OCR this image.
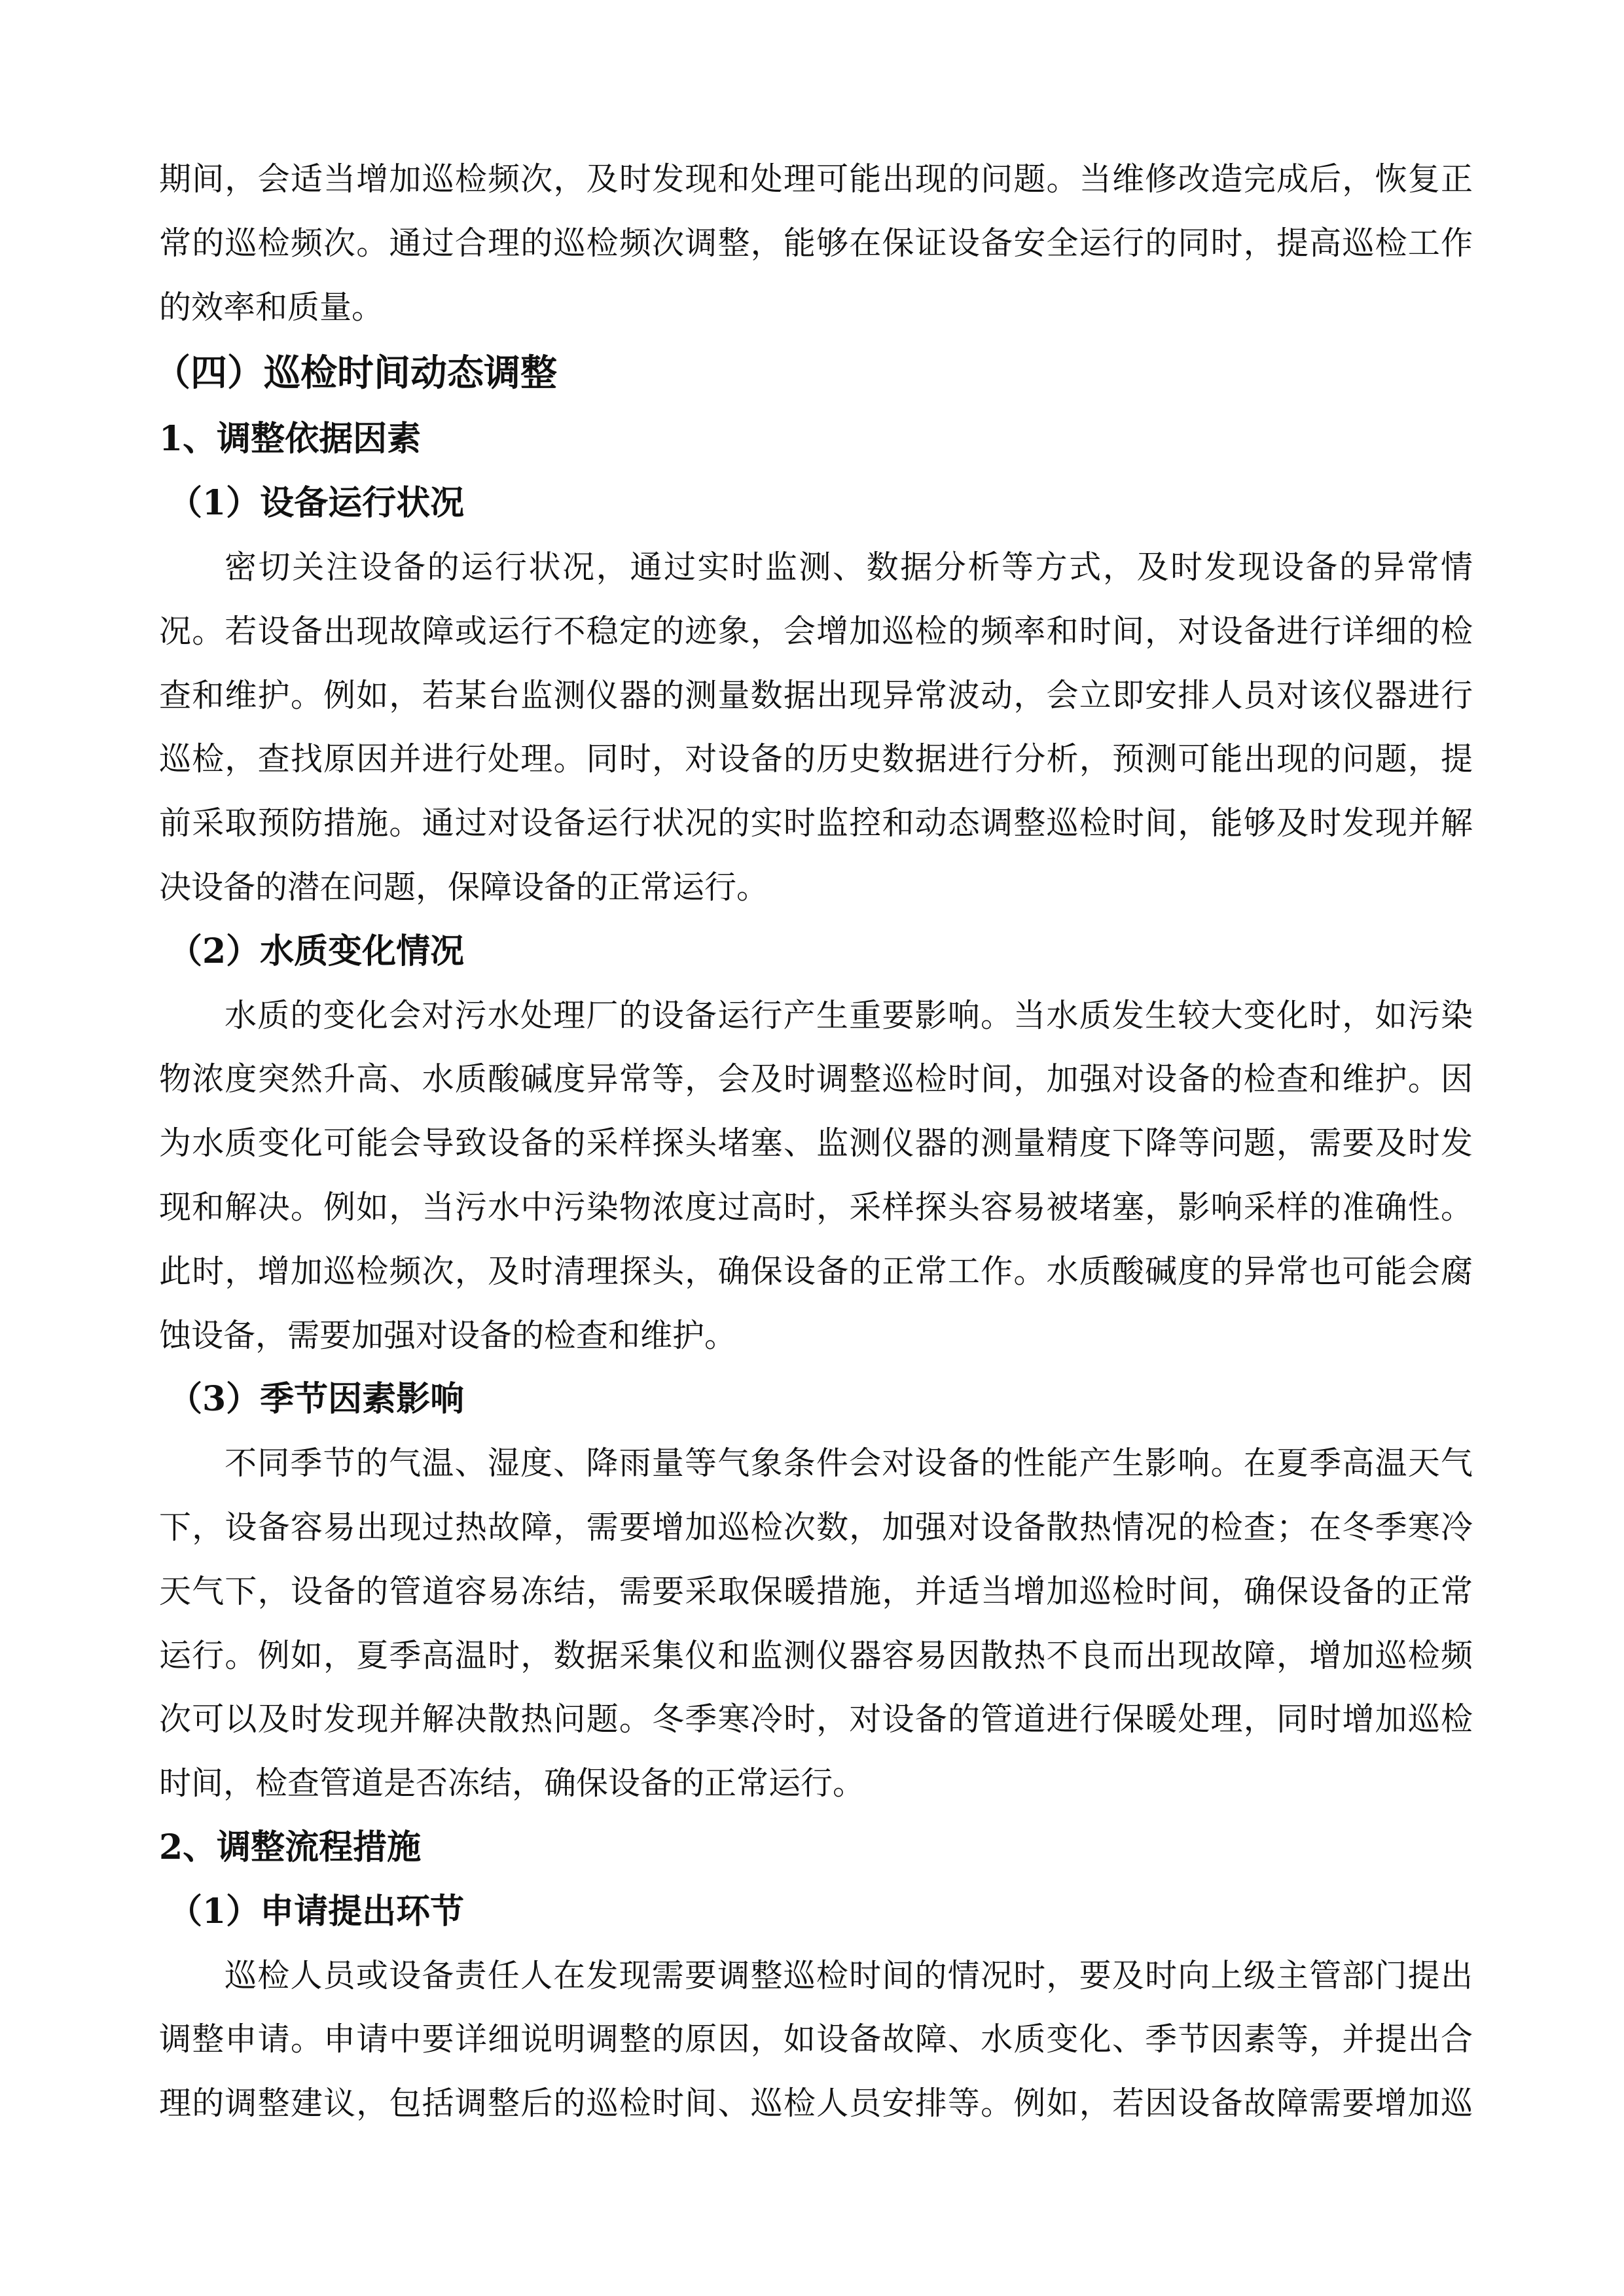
期间，会适当增加巡检频次，及时发现和处理可能出现的问题。当维修改造完成后，恢复正
常的巡检频次。通过合理的巡检频次调整，能够在保证设备安全运行的同时，提高巡检工作
的效率和质量。
（四）巡检时间动态调整
1、调整依据因素
（1）设备运行状况
密切关注设备的运行状况，通过实时监测、数据分析等方式，及时发现设备的异常情
况。若设备出现故障或运行不稳定的迹象，会增加巡检的频率和时间，对设备进行详细的检
查和维护。例如，若某台监测仪器的测量数据出现异常波动，会立即安排人员对该仪器进行
巡检，查找原因并进行处理。同时，对设备的历史数据进行分析，预测可能出现的问题，提
前采取预防措施。通过对设备运行状况的实时监控和动态调整巡检时间，能够及时发现并解
决设备的潜在问题，保障设备的正常运行。
（2）水质变化情况
水质的变化会对污水处理厂的设备运行产生重要影响。当水质发生较大变化时，如污染
物浓度突然升高、水质酸碱度异常等，会及时调整巡检时间，加强对设备的检查和维护。因
为水质变化可能会导致设备的采样探头堵塞、监测仪器的测量精度下降等问题，需要及时发
现和解决。例如，当污水中污染物浓度过高时，采样探头容易被堵塞，影响采样的准确性。
此时，增加巡检频次，及时清理探头，确保设备的正常工作。水质酸碱度的异常也可能会腐
蚀设备，需要加强对设备的检查和维护。
（3）季节因素影响
不同季节的气温、湿度、降雨量等气象条件会对设备的性能产生影响。在夏季高温天气
下，设备容易出现过热故障，需要增加巡检次数，加强对设备散热情况的检查；在冬季寒冷
天气下，设备的管道容易冻结，需要采取保暖措施，并适当增加巡检时间，确保设备的正常
运行。例如，夏季高温时，数据采集仪和监测仪器容易因散热不良而出现故障，增加巡检频
次可以及时发现并解决散热问题。冬季寒冷时，对设备的管道进行保暖处理，同时增加巡检
时间，检查管道是否冻结，确保设备的正常运行。
2、调整流程措施
（1）申请提出环节
巡检人员或设备责任人在发现需要调整巡检时间的情况时，要及时向上级主管部门提出
调整申请。申请中要详细说明调整的原因，如设备故障、水质变化、季节因素等，并提出合
理的调整建议，包括调整后的巡检时间、巡检人员安排等。例如，若因设备故障需要增加巡
